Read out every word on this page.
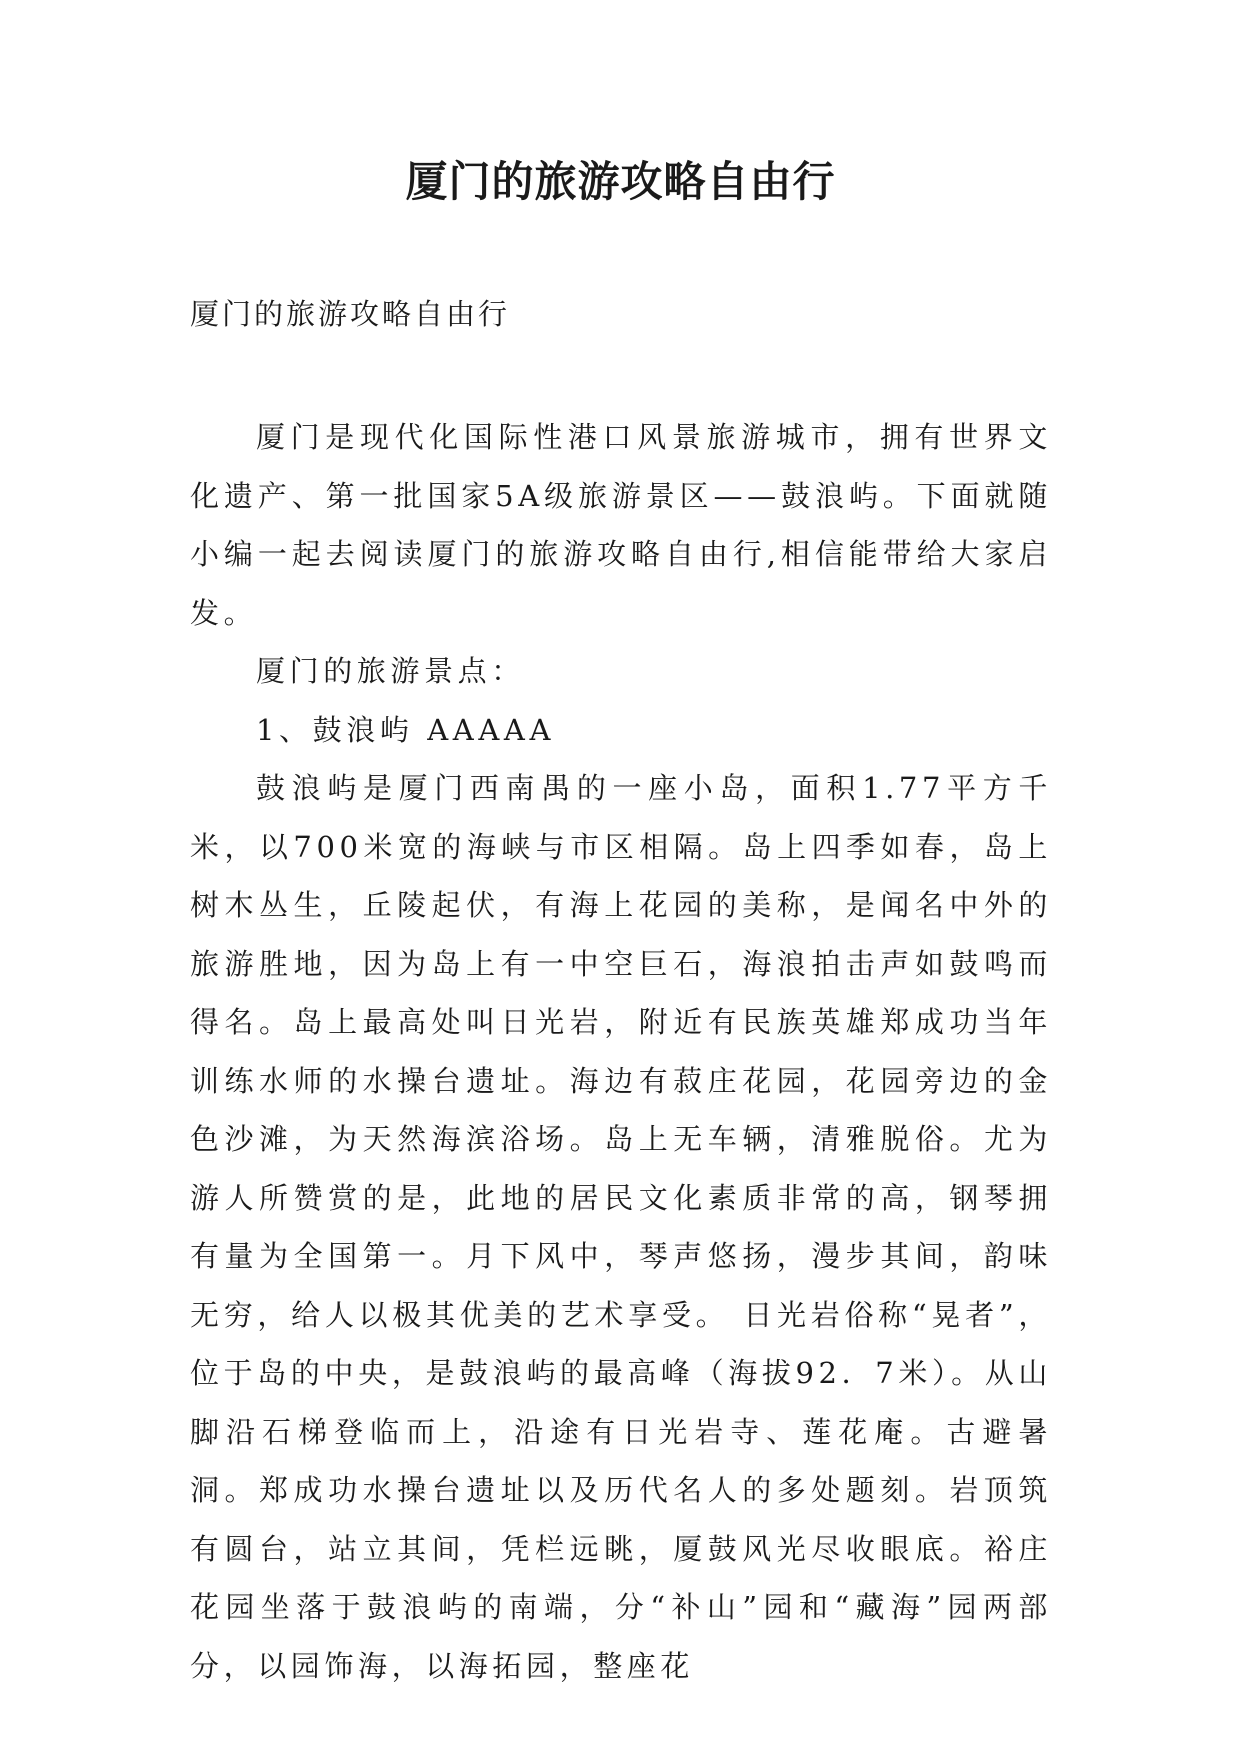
厦门的旅游攻略自由行
厦门的旅游攻略自由行

厦门是现代化国际性港口风景旅游城市，拥有世界文化遗产、第一批国家5A级旅游景区——鼓浪屿。下面就随小编一起去阅读厦门的旅游攻略自由行,相信能带给大家启发。

厦门的旅游景点：

1、鼓浪屿 AAAAA

鼓浪屿是厦门西南禺的一座小岛，面积1.77平方千米，以700米宽的海峡与市区相隔。岛上四季如春，岛上树木丛生，丘陵起伏，有海上花园的美称，是闻名中外的旅游胜地，因为岛上有一中空巨石，海浪拍击声如鼓鸣而得名。岛上最高处叫日光岩，附近有民族英雄郑成功当年训练水师的水操台遗址。海边有菽庄花园，花园旁边的金色沙滩，为天然海滨浴场。岛上无车辆，清雅脱俗。尤为游人所赞赏的是，此地的居民文化素质非常的高，钢琴拥有量为全国第一。月下风中，琴声悠扬，漫步其间，韵味无穷，给人以极其优美的艺术享受。 日光岩俗称“晃者”，位于岛的中央，是鼓浪屿的最高峰（海拔92．7米）。从山脚沿石梯登临而上，沿途有日光岩寺、莲花庵。古避暑洞。郑成功水操台遗址以及历代名人的多处题刻。岩顶筑有圆台，站立其间，凭栏远眺，厦鼓风光尽收眼底。裕庄花园坐落于鼓浪屿的南端，分“补山”园和“藏海”园两部分，以园饰海，以海拓园，整座花
